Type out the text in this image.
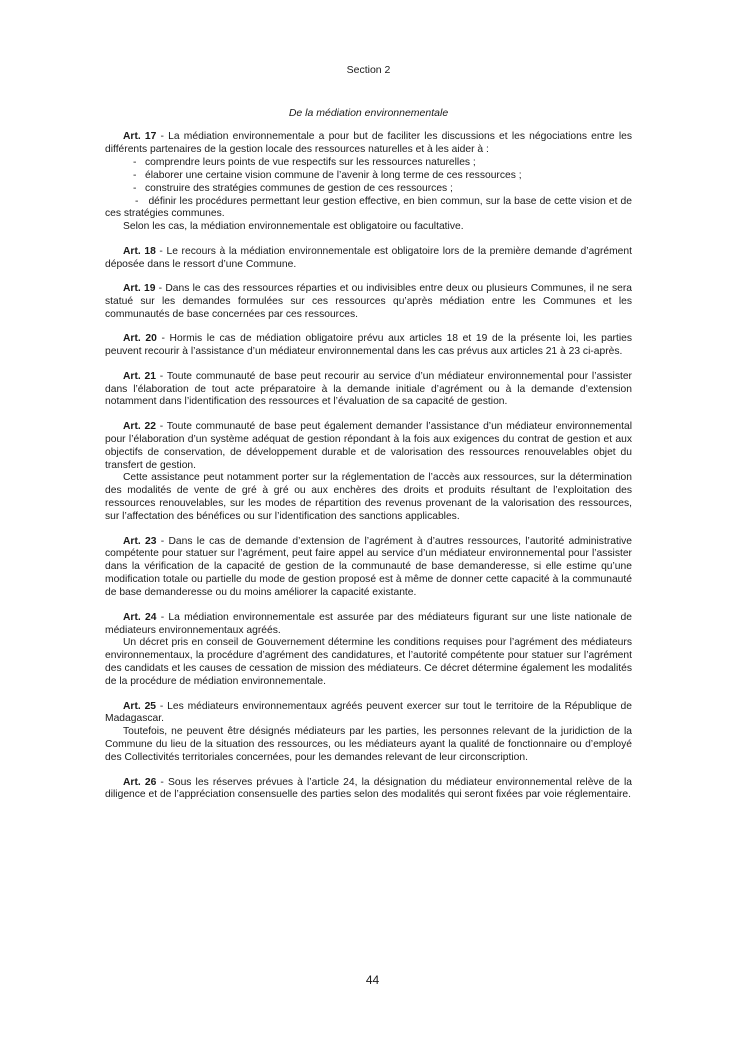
Section 2

De la médiation environnementale

Art. 17 - La médiation environnementale a pour but de faciliter les discussions et les négociations entre les différents partenaires de la gestion locale des ressources naturelles et à les aider à :

- comprendre leurs points de vue respectifs sur les ressources naturelles ;
- élaborer une certaine vision commune de l’avenir à long terme de ces ressources ;
- construire des stratégies communes de gestion de ces ressources ;

- définir les procédures permettant leur gestion effective, en bien commun, sur la base de cette vision et de ces stratégies communes.

Selon les cas, la médiation environnementale est obligatoire ou facultative.

Art. 18 - Le recours à la médiation environnementale est obligatoire lors de la première demande d’agrément déposée dans le ressort d’une Commune.

Art. 19 - Dans le cas des ressources réparties et ou indivisibles entre deux ou plusieurs Communes, il ne sera statué sur les demandes formulées sur ces ressources qu’après médiation entre les Communes et les communautés de base concernées par ces ressources.

Art. 20 - Hormis le cas de médiation obligatoire prévu aux articles 18 et 19 de la présente loi, les parties peuvent recourir à l’assistance d’un médiateur environnemental dans les cas prévus aux articles 21 à 23 ci-après.

Art. 21 - Toute communauté de base peut recourir au service d’un médiateur environnemental pour l’assister dans l’élaboration de tout acte préparatoire à la demande initiale d’agrément ou à la demande d’extension notamment dans l’identification des ressources et l’évaluation de sa capacité de gestion.

Art. 22 - Toute communauté de base peut également demander l’assistance d’un médiateur environnemental pour l’élaboration d’un système adéquat de gestion répondant à la fois aux exigences du contrat de gestion et aux objectifs de conservation, de développement durable et de valorisation des ressources renouvelables objet du transfert de gestion.

Cette assistance peut notamment porter sur la réglementation de l’accès aux ressources, sur la détermination des modalités de vente de gré à gré ou aux enchères des droits et produits résultant de l’exploitation des ressources renouvelables, sur les modes de répartition des revenus provenant de la valorisation des ressources, sur l’affectation des bénéfices ou sur l’identification des sanctions applicables.

Art. 23 - Dans le cas de demande d’extension de l’agrément à d’autres ressources, l’autorité administrative compétente pour statuer sur l’agrément, peut faire appel au service d’un médiateur environnemental pour l’assister dans la vérification de la capacité de gestion de la communauté de base demanderesse, si elle estime qu’une modification totale ou partielle du mode de gestion proposé est à même de donner cette capacité à la communauté de base demanderesse ou du moins améliorer la capacité existante.

Art. 24 - La médiation environnementale est assurée par des médiateurs figurant sur une liste nationale de médiateurs environnementaux agréés.

Un décret pris en conseil de Gouvernement détermine les conditions requises pour l’agrément des médiateurs environnementaux, la procédure d’agrément des candidatures, et l’autorité compétente pour statuer sur l’agrément des candidats et les causes de cessation de mission des médiateurs. Ce décret détermine également les modalités de la procédure de médiation environnementale.

Art. 25 - Les médiateurs environnementaux agréés peuvent exercer sur tout le territoire de la République de Madagascar.

Toutefois, ne peuvent être désignés médiateurs par les parties, les personnes relevant de la juridiction de la Commune du lieu de la situation des ressources, ou les médiateurs ayant la qualité de fonctionnaire ou d’employé des Collectivités territoriales concernées, pour les demandes relevant de leur circonscription.

Art. 26 - Sous les réserves prévues à l’article 24, la désignation du médiateur environnemental relève de la diligence et de l’appréciation consensuelle des parties selon des modalités qui seront fixées par voie réglementaire.

44
